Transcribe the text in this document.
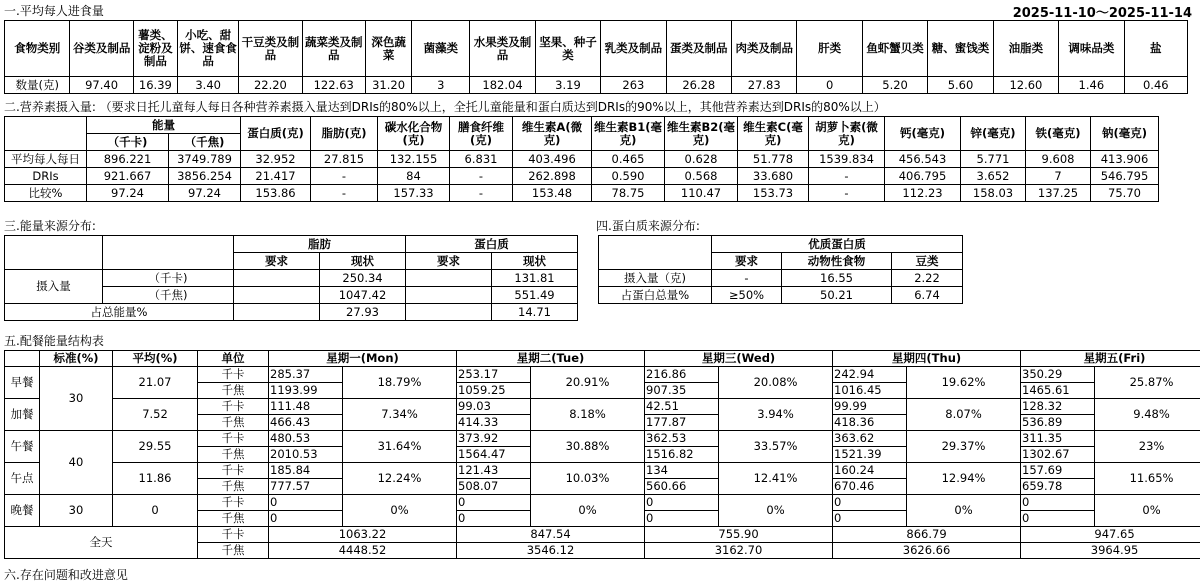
一.平均每人进食量	2025-11-10～2025-11-14
食物类别	谷类及制品	薯类、淀粉及制品	小吃、甜饼、速食食品	干豆类及制品	蔬菜类及制品	深色蔬菜	菌藻类	水果类及制品	坚果、种子类	乳类及制品	蛋类及制品	肉类及制品	肝类	鱼虾蟹贝类	糖、蜜饯类	油脂类	调味品类	盐
数量(克)	97.40	16.39	3.40	22.20	122.63	31.20	3	182.04	3.19	263	26.28	27.83	0	5.20	5.60	12.60	1.46	0.46
二.营养素摄入量: （要求日托儿童每人每日各种营养素摄入量达到DRIs的80%以上，全托儿童能量和蛋白质达到DRIs的90%以上，其他营养素达到DRIs的80%以上）
	能量		蛋白质(克)	脂肪(克)	碳水化合物(克)	膳食纤维(克)	维生素A(微克)	维生素B1(毫克)	维生素B2(毫克)	维生素C(毫克)	胡萝卜素(微克)	钙(毫克)	锌(毫克)	铁(毫克)	钠(毫克)
	（千卡)	（千焦)													
平均每人每日	896.221	3749.789	32.952	27.815	132.155	6.831	403.496	0.465	0.628	51.778	1539.834	456.543	5.771	9.608	413.906
DRIs	921.667	3856.254	21.417	-	84	-	262.898	0.590	0.568	33.680	-	406.795	3.652	7	546.795
比较%	97.24	97.24	153.86	-	157.33	-	153.48	78.75	110.47	153.73	-	112.23	158.03	137.25	75.70
三.能量来源分布:
		脂肪		蛋白质	
		要求	现状	要求	现状
摄入量	（千卡)		250.34		131.81
	（千焦)		1047.42		551.49
占总能量%			27.93		14.71
四.蛋白质来源分布:
	优质蛋白质		
	要求	动物性食物	豆类
摄入量（克)	-	16.55	2.22
占蛋白总量%	≥50%	50.21	6.74
五.配餐能量结构表
	标准(%)	平均(%)	单位	星期一(Mon)		星期二(Tue)		星期三(Wed)		星期四(Thu)		星期五(Fri)	
早餐	30	21.07	千卡	285.37	18.79%	253.17	20.91%	216.86	20.08%	242.94	19.62%	350.29	25.87%
			千焦	1193.99		1059.25		907.35		1016.45		1465.61	
加餐		7.52	千卡	111.48	7.34%	99.03	8.18%	42.51	3.94%	99.99	8.07%	128.32	9.48%
			千焦	466.43		414.33		177.87		418.36		536.89	
午餐	40	29.55	千卡	480.53	31.64%	373.92	30.88%	362.53	33.57%	363.62	29.37%	311.35	23%
			千焦	2010.53		1564.47		1516.82		1521.39		1302.67	
午点		11.86	千卡	185.84	12.24%	121.43	10.03%	134	12.41%	160.24	12.94%	157.69	11.65%
			千焦	777.57		508.07		560.66		670.46		659.78	
晚餐	30	0	千卡	0	0%	0	0%	0	0%	0	0%	0	0%
			千焦	0		0		0		0		0	
全天			千卡	1063.22		847.54		755.90		866.79		947.65	
			千焦	4448.52		3546.12		3162.70		3626.66		3964.95	
六.存在问题和改进意见
